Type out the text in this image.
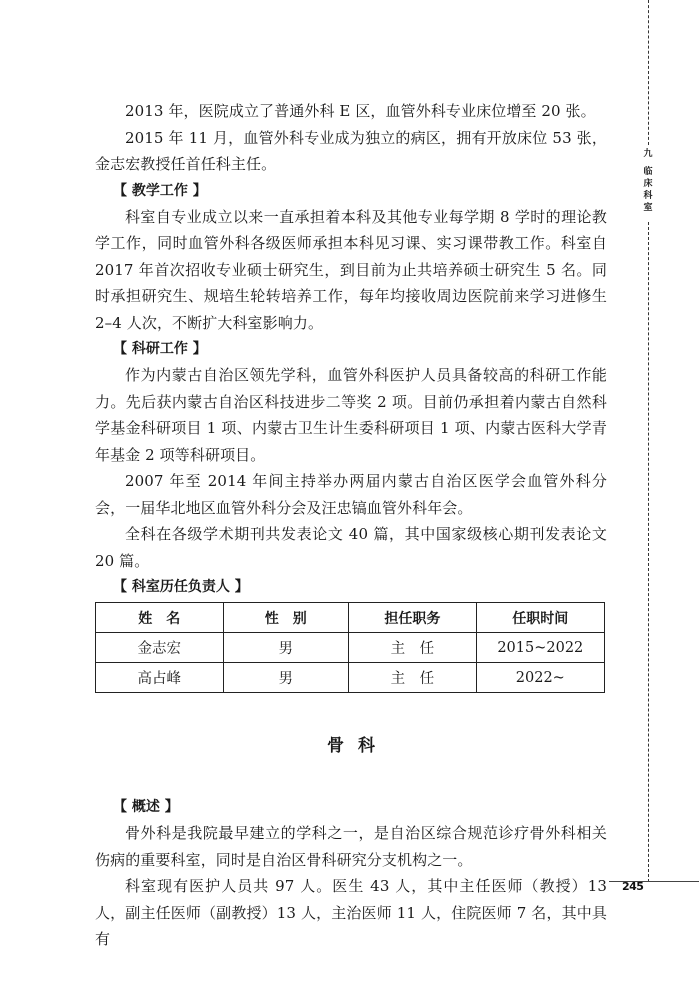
九
临
床
科
室

2013 年，医院成立了普通外科 E 区，血管外科专业床位增至 20 张。

2015 年 11 月，血管外科专业成为独立的病区，拥有开放床位 53 张，金志宏教授任首任科主任。

【 教学工作 】

科室自专业成立以来一直承担着本科及其他专业每学期 8 学时的理论教学工作，同时血管外科各级医师承担本科见习课、实习课带教工作。科室自 2017 年首次招收专业硕士研究生，到目前为止共培养硕士研究生 5 名。同时承担研究生、规培生轮转培养工作，每年均接收周边医院前来学习进修生 2–4 人次，不断扩大科室影响力。

【 科研工作 】

作为内蒙古自治区领先学科，血管外科医护人员具备较高的科研工作能力。先后获内蒙古自治区科技进步二等奖 2 项。目前仍承担着内蒙古自然科学基金科研项目 1 项、内蒙古卫生计生委科研项目 1 项、内蒙古医科大学青年基金 2 项等科研项目。

2007 年至 2014 年间主持举办两届内蒙古自治区医学会血管外科分会，一届华北地区血管外科分会及汪忠镐血管外科年会。

全科在各级学术期刊共发表论文 40 篇，其中国家级核心期刊发表论文 20 篇。

【 科室历任负责人 】
姓　名	性　别	担任职务	任职时间
金志宏	男	主　任	2015~2022
高占峰	男	主　任	2022~
骨科
【 概述 】

骨外科是我院最早建立的学科之一，是自治区综合规范诊疗骨外科相关伤病的重要科室，同时是自治区骨科研究分支机构之一。

科室现有医护人员共 97 人。医生 43 人，其中主任医师（教授）13 人，副主任医师（副教授）13 人，主治医师 11 人，住院医师 7 名，其中具有

245
